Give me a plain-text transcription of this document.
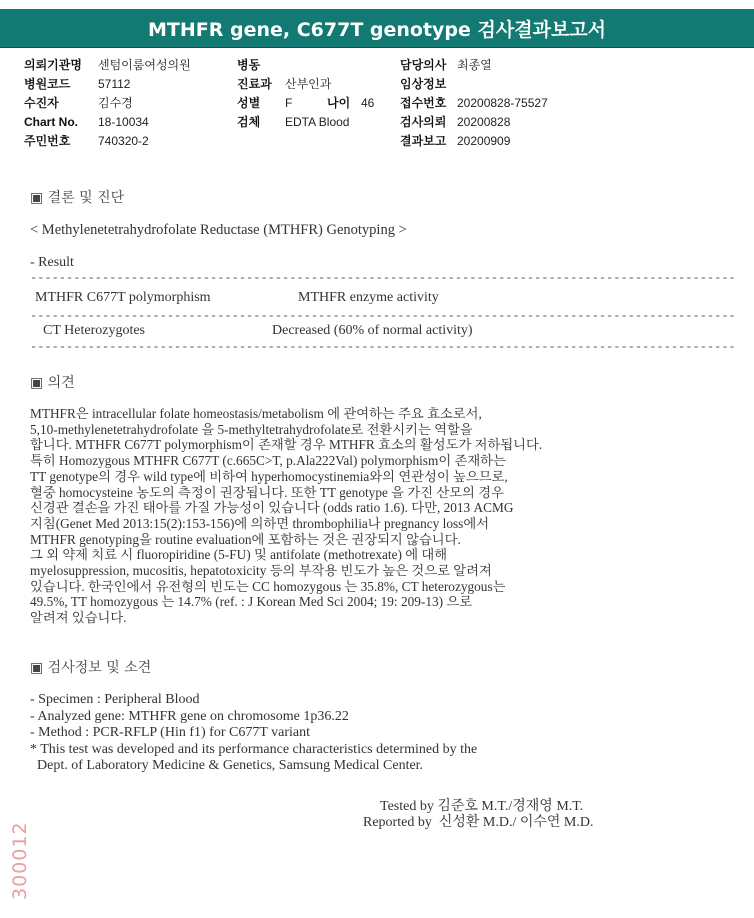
MTHFR gene, C677T genotype 검사결과보고서
의뢰기관명	센텀이룸여성의원
병원코드	57112
수진자	김수경
Chart No.	18-10034
주민번호	740320-2
병동
진료과	산부인과
성별	F	나이 46
검체	EDTA Blood
담당의사 최종열
임상정보
접수번호 20200828-75527
검사의뢰 20200828
결과보고 20200909
▣ 결론 및 진단
< Methylenetetrahydrofolate Reductase (MTHFR) Genotyping >
- Result
--------------------------------------------------------------------------------------------------
MTHFR C677T polymorphism	MTHFR enzyme activity
--------------------------------------------------------------------------------------------------
CT Heterozygotes	Decreased (60% of normal activity)
--------------------------------------------------------------------------------------------------
▣ 의견
MTHFR은 intracellular folate homeostasis/metabolism 에 관여하는 주요 효소로서,
5,10-methylenetetrahydrofolate 을 5-methyltetrahydrofolate로 전환시키는 역할을
합니다. MTHFR C677T polymorphism이 존재할 경우 MTHFR 효소의 활성도가 저하됩니다.
특히 Homozygous MTHFR C677T (c.665C>T, p.Ala222Val) polymorphism이 존재하는
TT genotype의 경우 wild type에 비하여 hyperhomocystinemia와의 연관성이 높으므로,
혈중 homocysteine 농도의 측정이 권장됩니다. 또한 TT genotype 을 가진 산모의 경우
신경관 결손을 가진 태아를 가질 가능성이 있습니다 (odds ratio 1.6). 다만, 2013 ACMG
지침(Genet Med 2013:15(2):153-156)에 의하면 thrombophilia나 pregnancy loss에서
MTHFR genotyping을 routine evaluation에 포함하는 것은 권장되지 않습니다.
그 외 약제 치료 시 fluoropiridine (5-FU) 및 antifolate (methotrexate) 에 대해
myelosuppression, mucositis, hepatotoxicity 등의 부작용 빈도가 높은 것으로 알려져
있습니다. 한국인에서 유전형의 빈도는 CC homozygous 는 35.8%, CT heterozygous는
49.5%, TT homozygous 는 14.7% (ref. : J Korean Med Sci 2004; 19: 209-13) 으로
알려져 있습니다.
▣ 검사정보 및 소견
- Specimen : Peripheral Blood
- Analyzed gene: MTHFR gene on chromosome 1p36.22
- Method : PCR-RFLP (Hin f1) for C677T variant
* This test was developed and its performance characteristics determined by the
Dept. of Laboratory Medicine & Genetics, Samsung Medical Center.
Tested by 김준호 M.T./경재영 M.T.
Reported by  신성환 M.D./ 이수연 M.D.
300012
